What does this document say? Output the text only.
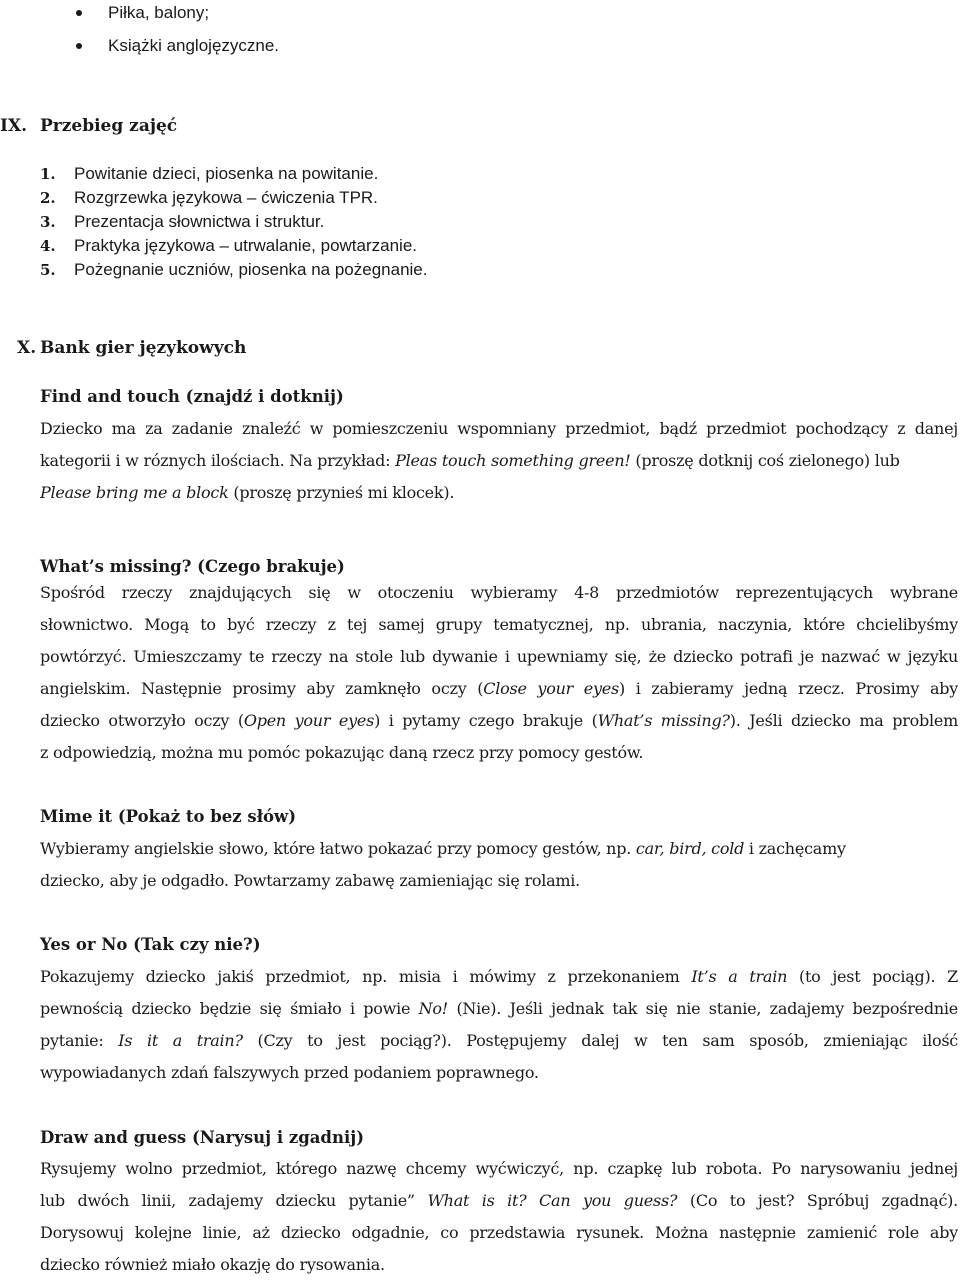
Piłka, balony;
Książki anglojęzyczne.
IX. Przebieg zajęć
1. Powitanie dzieci, piosenka na powitanie.
2. Rozgrzewka językowa – ćwiczenia TPR.
3. Prezentacja słownictwa i struktur.
4. Praktyka językowa – utrwalanie, powtarzanie.
5. Pożegnanie uczniów, piosenka na pożegnanie.
X. Bank gier językowych
Find and touch (znajdź i dotknij)
Dziecko ma za zadanie znaleźć w pomieszczeniu wspomniany przedmiot, bądź przedmiot pochodzący z danej
kategorii i w róznych ilościach. Na przykład: Pleas touch something green! (proszę dotknij coś zielonego) lub
Please bring me a block (proszę przynieś mi klocek).
What’s missing? (Czego brakuje)
Spośród rzeczy znajdujących się w otoczeniu wybieramy 4-8 przedmiotów reprezentujących wybrane
słownictwo. Mogą to być rzeczy z tej samej grupy tematycznej, np. ubrania, naczynia, które chcielibyśmy
powtórzyć. Umieszczamy te rzeczy na stole lub dywanie i upewniamy się, że dziecko potrafi je nazwać w języku
angielskim. Następnie prosimy aby zamknęło oczy (Close your eyes) i zabieramy jedną rzecz. Prosimy aby
dziecko otworzyło oczy (Open your eyes) i pytamy czego brakuje (What’s missing?). Jeśli dziecko ma problem
z odpowiedzią, można mu pomóc pokazując daną rzecz przy pomocy gestów.
Mime it (Pokaż to bez słów)
Wybieramy angielskie słowo, które łatwo pokazać przy pomocy gestów, np. car, bird, cold i zachęcamy
dziecko, aby je odgadło. Powtarzamy zabawę zamieniając się rolami.
Yes or No (Tak czy nie?)
Pokazujemy dziecko jakiś przedmiot, np. misia i mówimy z przekonaniem It’s a train (to jest pociąg). Z
pewnością dziecko będzie się śmiało i powie No! (Nie). Jeśli jednak tak się nie stanie, zadajemy bezpośrednie
pytanie: Is it a train? (Czy to jest pociąg?). Postępujemy dalej w ten sam sposób, zmieniając ilość
wypowiadanych zdań falszywych przed podaniem poprawnego.
Draw and guess (Narysuj i zgadnij)
Rysujemy wolno przedmiot, którego nazwę chcemy wyćwiczyć, np. czapkę lub robota. Po narysowaniu jednej
lub dwóch linii, zadajemy dziecku pytanie” What is it? Can you guess? (Co to jest? Spróbuj zgadnąć).
Dorysowuj kolejne linie, aż dziecko odgadnie, co przedstawia rysunek. Można następnie zamienić role aby
dziecko również miało okazję do rysowania.
